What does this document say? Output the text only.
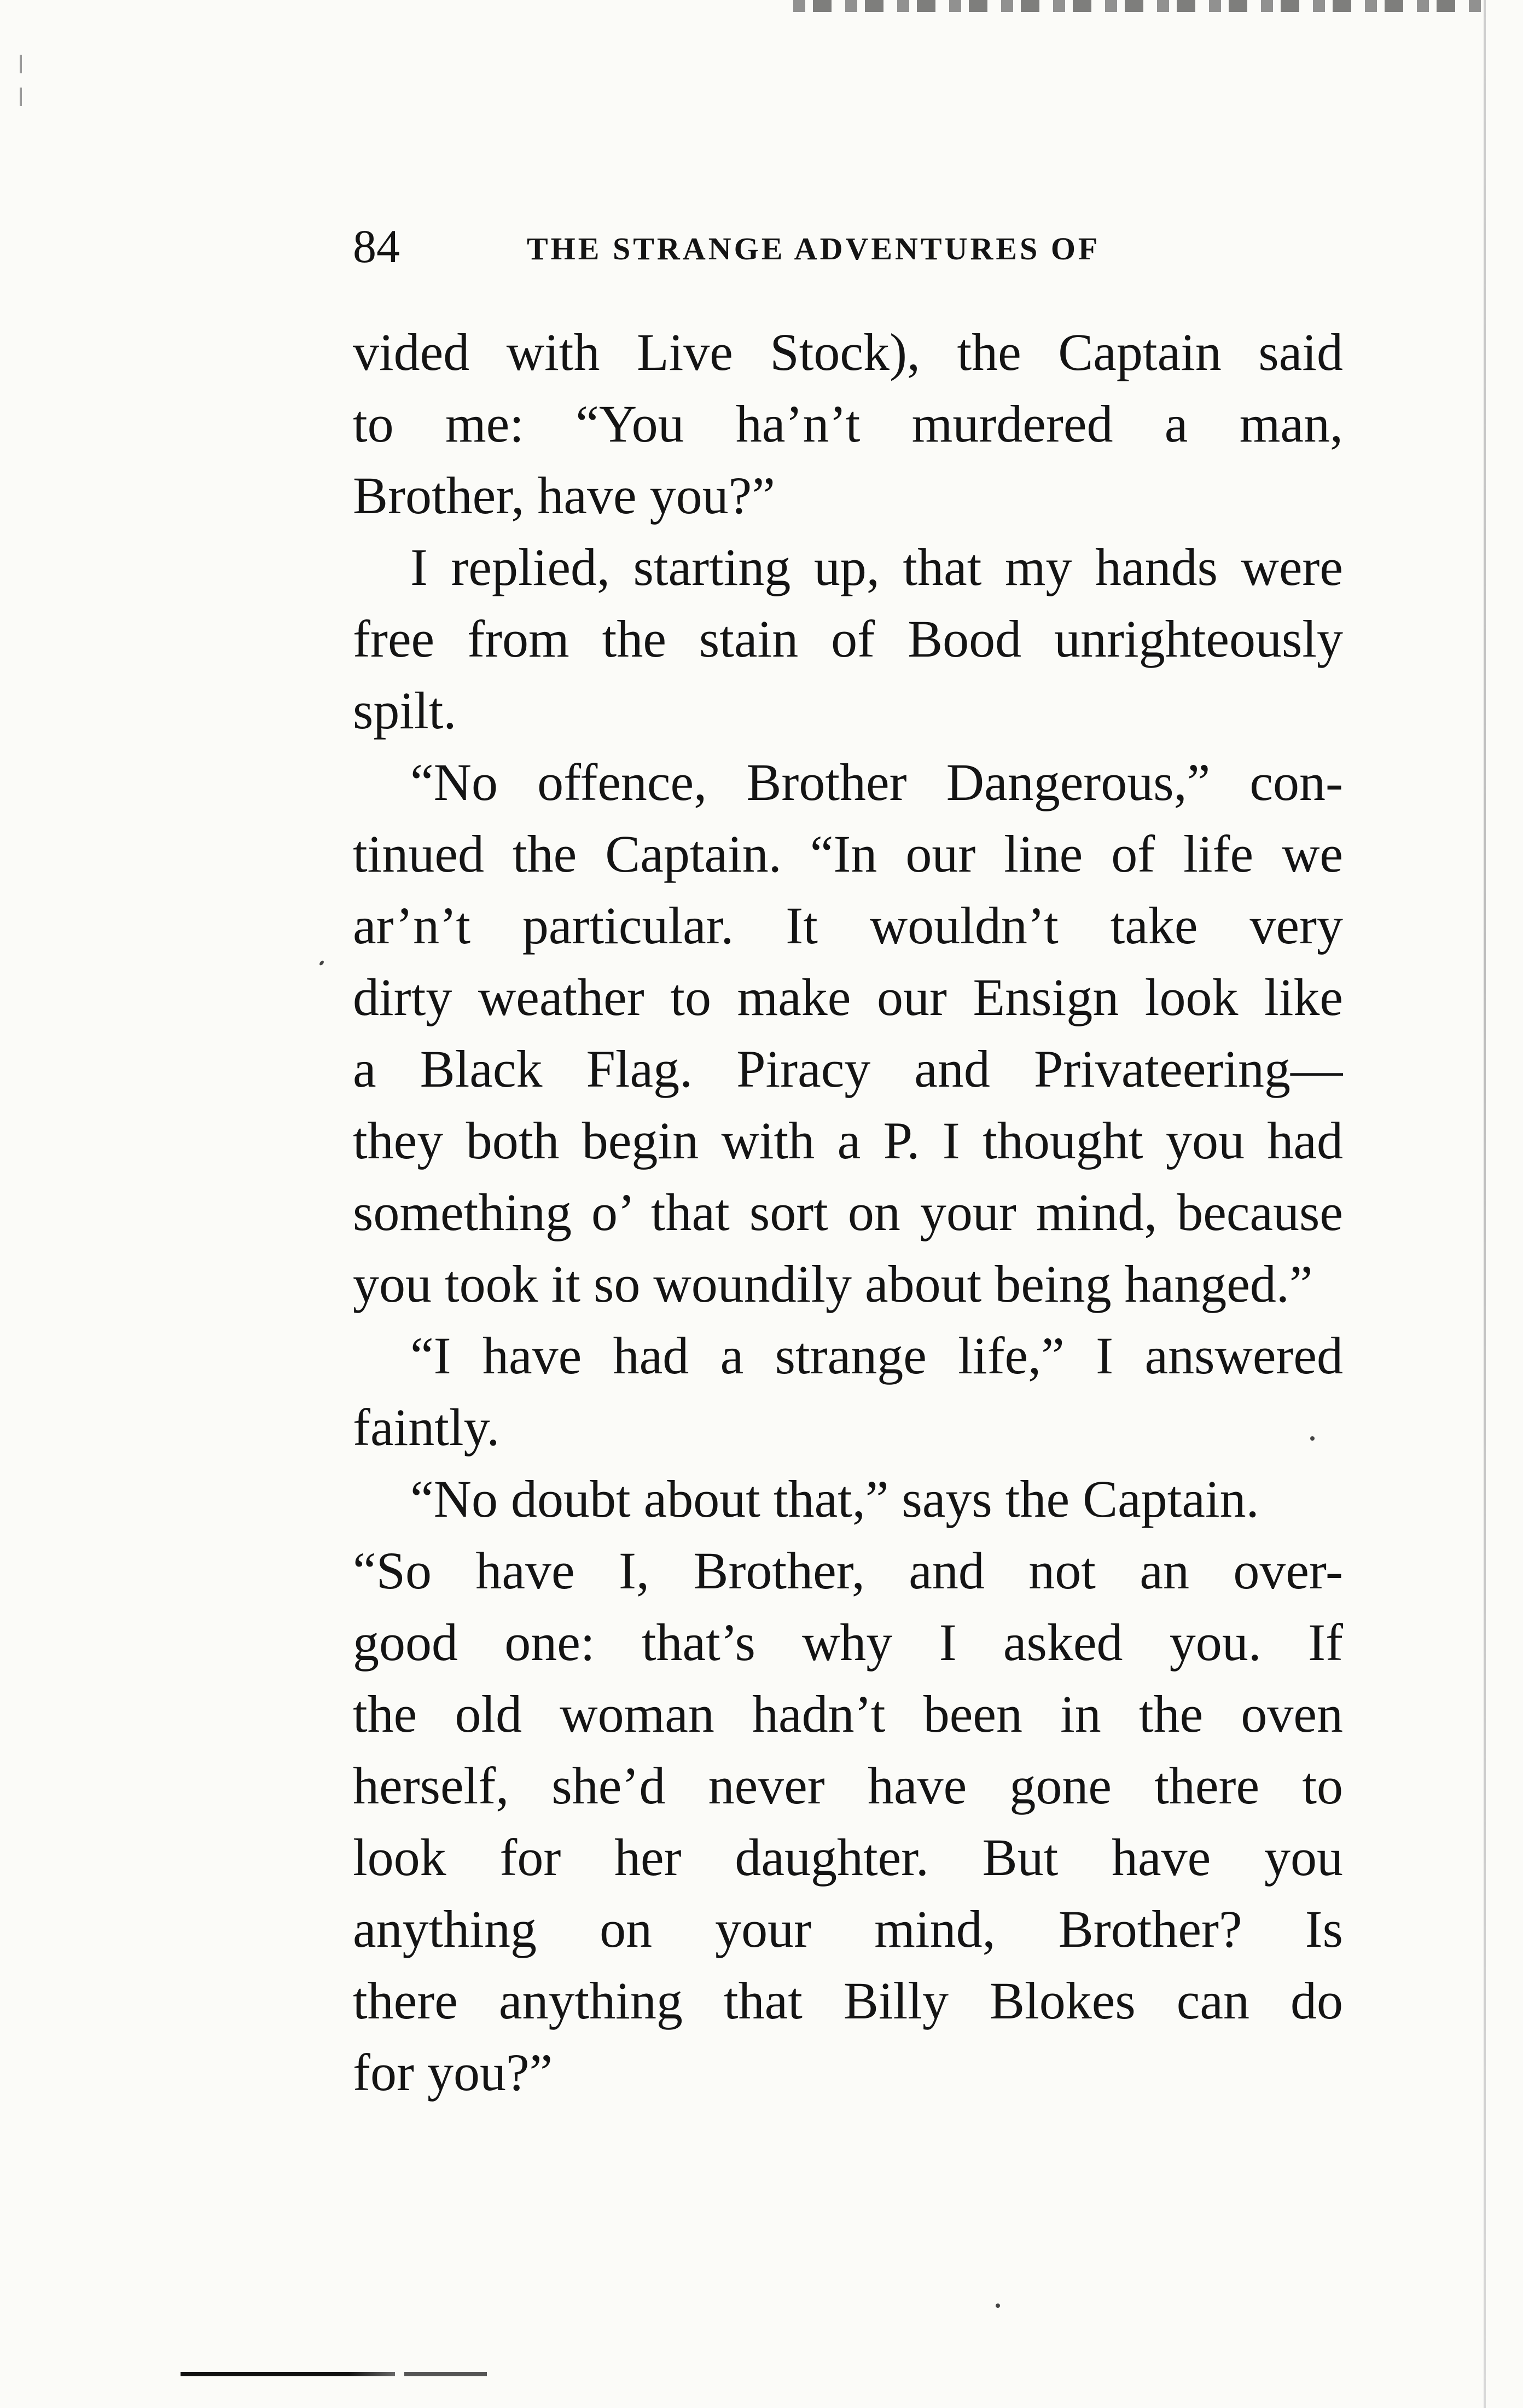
84	THE STRANGE ADVENTURES OF
vided with Live Stock), the Captain said
to me: “You ha’n’t murdered a man,
Brother, have you?”
I replied, starting up, that my hands were
free from the stain of Bood unrighteously
spilt.
“No offence, Brother Dangerous,” con-
tinued the Captain. “In our line of life we
ar’n’t particular. It wouldn’t take very
dirty weather to make our Ensign look like
a Black Flag. Piracy and Privateering—
they both begin with a P. I thought you had
something o’ that sort on your mind, because
you took it so woundily about being hanged.”
“I have had a strange life,” I answered
faintly.
“No doubt about that,” says the Captain.
“So have I, Brother, and not an over-
good one: that’s why I asked you. If
the old woman hadn’t been in the oven
herself, she’d never have gone there to
look for her daughter. But have you
anything on your mind, Brother? Is
there anything that Billy Blokes can do
for you?”
